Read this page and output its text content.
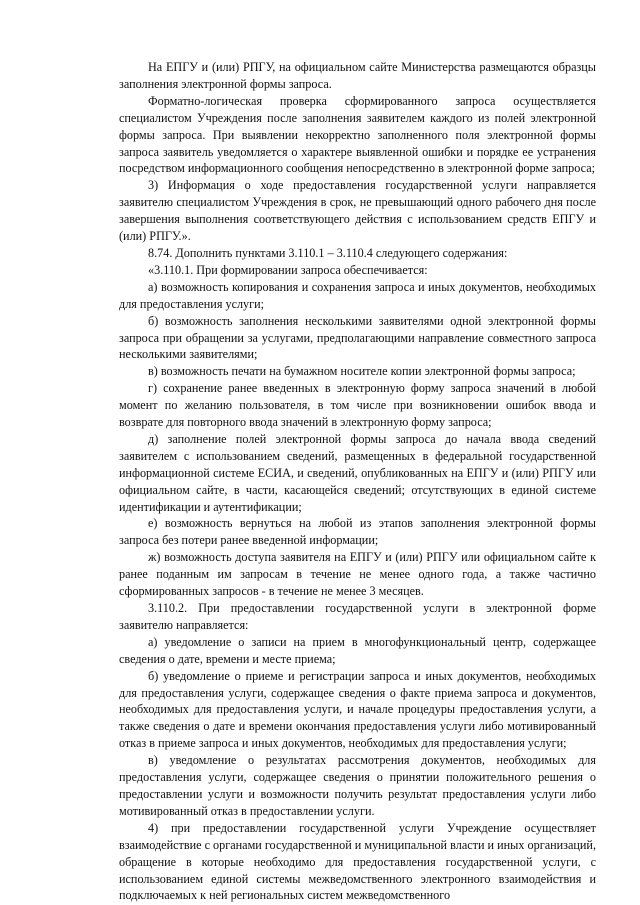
На ЕПГУ и (или) РПГУ, на официальном сайте Министерства размещаются образцы заполнения электронной формы запроса.

Форматно-логическая проверка сформированного запроса осуществляется специалистом Учреждения после заполнения заявителем каждого из полей электронной формы запроса. При выявлении некорректно заполненного поля электронной формы запроса заявитель уведомляется о характере выявленной ошибки и порядке ее устранения посредством информационного сообщения непосредственно в электронной форме запроса;

3) Информация о ходе предоставления государственной услуги направляется заявителю специалистом Учреждения в срок, не превышающий одного рабочего дня после завершения выполнения соответствующего действия с использованием средств ЕПГУ и (или) РПГУ.».

8.74. Дополнить пунктами 3.110.1 – 3.110.4 следующего содержания:

«3.110.1. При формировании запроса обеспечивается:

а) возможность копирования и сохранения запроса и иных документов, необходимых для предоставления услуги;

б) возможность заполнения несколькими заявителями одной электронной формы запроса при обращении за услугами, предполагающими направление совместного запроса несколькими заявителями;

в) возможность печати на бумажном носителе копии электронной формы запроса;

г) сохранение ранее введенных в электронную форму запроса значений в любой момент по желанию пользователя, в том числе при возникновении ошибок ввода и возврате для повторного ввода значений в электронную форму запроса;

д) заполнение полей электронной формы запроса до начала ввода сведений заявителем с использованием сведений, размещенных в федеральной государственной информационной системе ЕСИА, и сведений, опубликованных на ЕПГУ и (или) РПГУ или официальном сайте, в части, касающейся сведений; отсутствующих в единой системе идентификации и аутентификации;

е) возможность вернуться на любой из этапов заполнения электронной формы запроса без потери ранее введенной информации;

ж) возможность доступа заявителя на ЕПГУ и (или) РПГУ или официальном сайте к ранее поданным им запросам в течение не менее одного года, а также частично сформированных запросов - в течение не менее 3 месяцев.

3.110.2. При предоставлении государственной услуги в электронной форме заявителю направляется:

а) уведомление о записи на прием в многофункциональный центр, содержащее сведения о дате, времени и месте приема;

б) уведомление о приеме и регистрации запроса и иных документов, необходимых для предоставления услуги, содержащее сведения о факте приема запроса и документов, необходимых для предоставления услуги, и начале процедуры предоставления услуги, а также сведения о дате и времени окончания предоставления услуги либо мотивированный отказ в приеме запроса и иных документов, необходимых для предоставления услуги;

в) уведомление о результатах рассмотрения документов, необходимых для предоставления услуги, содержащее сведения о принятии положительного решения о предоставлении услуги и возможности получить результат предоставления услуги либо мотивированный отказ в предоставлении услуги.

4) при предоставлении государственной услуги Учреждение осуществляет взаимодействие с органами государственной и муниципальной власти и иных организаций, обращение в которые необходимо для предоставления государственной услуги, с использованием единой системы межведомственного электронного взаимодействия и подключаемых к ней региональных систем межведомственного
